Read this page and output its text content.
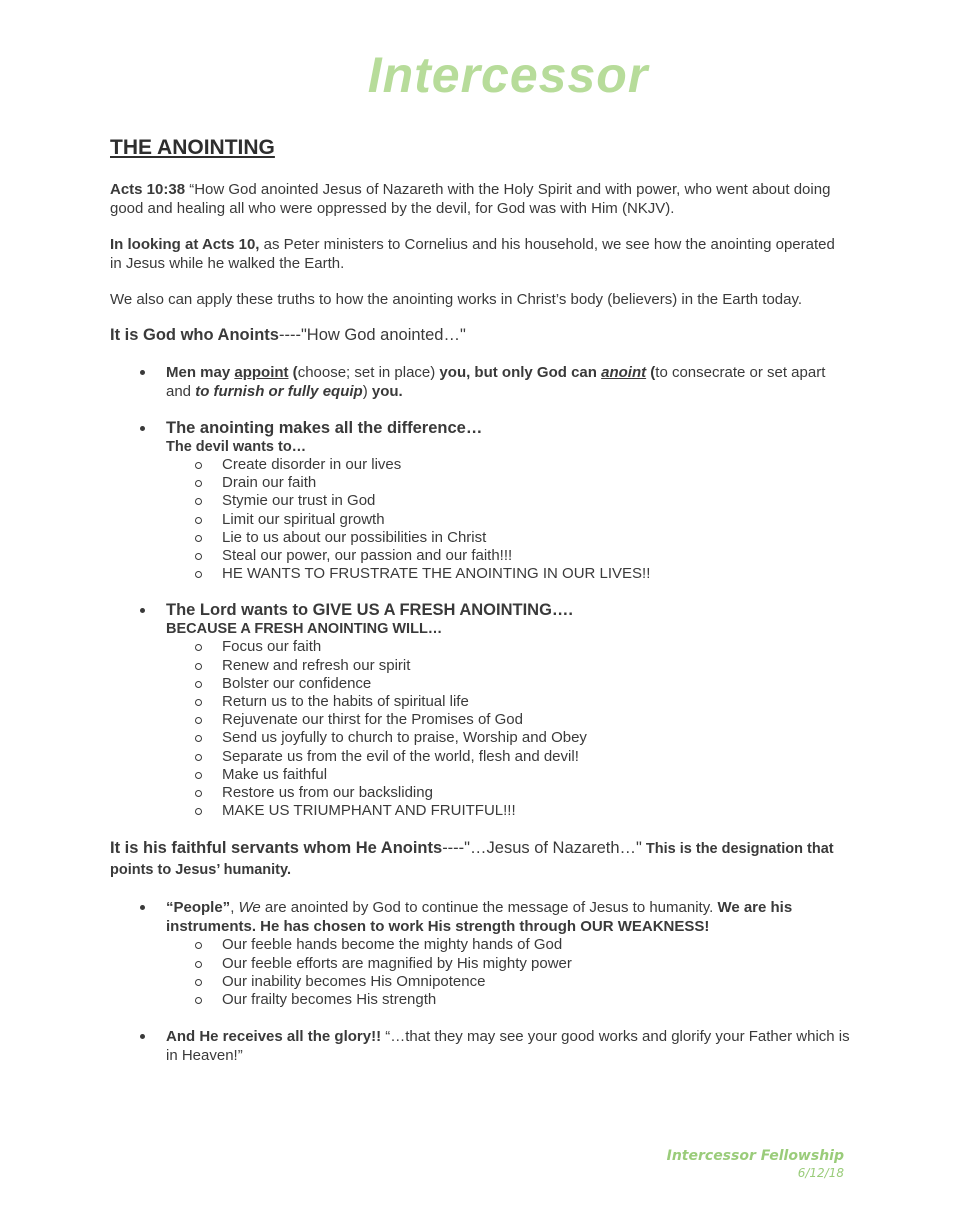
Intercessor
THE ANOINTING

Acts 10:38 “How God anointed Jesus of Nazareth with the Holy Spirit and with power, who went about doing good and healing all who were oppressed by the devil, for God was with Him (NKJV).

In looking at Acts 10, as Peter ministers to Cornelius and his household, we see how the anointing operated in Jesus while he walked the Earth.

We also can apply these truths to how the anointing works in Christ’s body (believers) in the Earth today.

It is God who Anoints----"How God anointed…"

Men may appoint (choose; set in place) you, but only God can anoint (to consecrate or set apart and to furnish or fully equip) you.
The anointing makes all the difference…
The devil wants to…
Create disorder in our lives
Drain our faith
Stymie our trust in God
Limit our spiritual growth
Lie to us about our possibilities in Christ
Steal our power, our passion and our faith!!!
HE WANTS TO FRUSTRATE THE ANOINTING IN OUR LIVES!!
The Lord wants to GIVE US A FRESH ANOINTING….
BECAUSE A FRESH ANOINTING WILL…
Focus our faith
Renew and refresh our spirit
Bolster our confidence
Return us to the habits of spiritual life
Rejuvenate our thirst for the Promises of God
Send us joyfully to church to praise, Worship and Obey
Separate us from the evil of the world, flesh and devil!
Make us faithful
Restore us from our backsliding
MAKE US TRIUMPHANT AND FRUITFUL!!!

It is his faithful servants whom He Anoints----"…Jesus of Nazareth…" This is the designation that points to Jesus’ humanity.

“People”, We are anointed by God to continue the message of Jesus to humanity. We are his instruments. He has chosen to work His strength through OUR WEAKNESS!
Our feeble hands become the mighty hands of God
Our feeble efforts are magnified by His mighty power
Our inability becomes His Omnipotence
Our frailty becomes His strength
And He receives all the glory!! “…that they may see your good works and glorify your Father which is in Heaven!”
Intercessor Fellowship
6/12/18
